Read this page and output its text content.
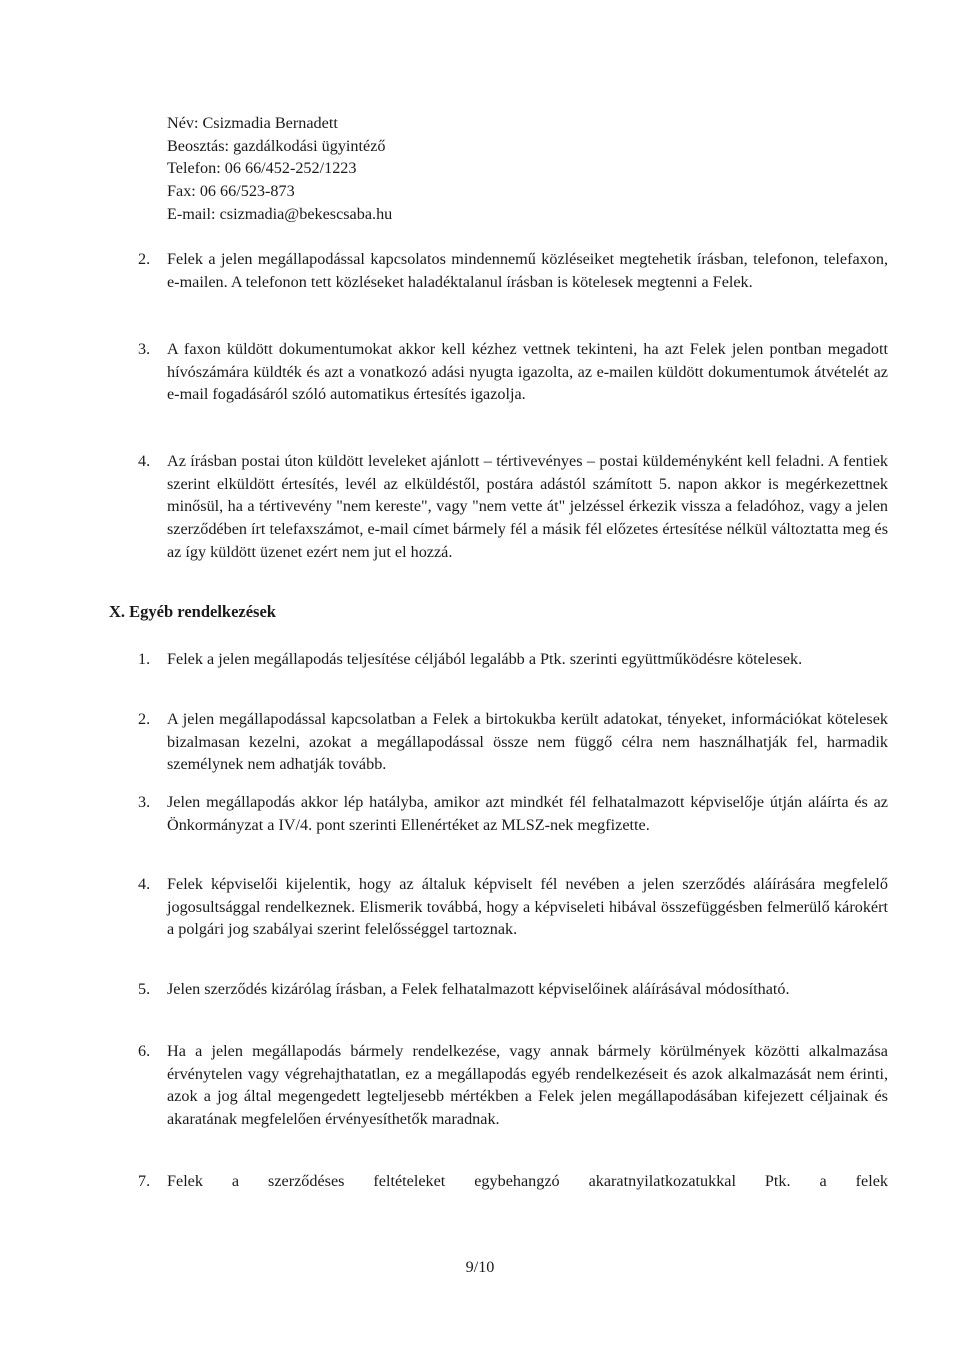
Név: Csizmadia Bernadett
Beosztás: gazdálkodási ügyintéző
Telefon: 06 66/452-252/1223
Fax: 06 66/523-873
E-mail: csizmadia@bekescsaba.hu
2.	Felek a jelen megállapodással kapcsolatos mindennemű közléseiket megtehetik írásban, telefonon, telefaxon, e-mailen. A telefonon tett közléseket haladéktalanul írásban is kötelesek megtenni a Felek.
3.	A faxon küldött dokumentumokat akkor kell kézhez vettnek tekinteni, ha azt Felek jelen pontban megadott hívószámára küldték és azt a vonatkozó adási nyugta igazolta, az e-mailen küldött dokumentumok átvételét az e-mail fogadásáról szóló automatikus értesítés igazolja.
4.	Az írásban postai úton küldött leveleket ajánlott – tértivevényes – postai küldeményként kell feladni. A fentiek szerint elküldött értesítés, levél az elküldéstől, postára adástól számított 5. napon akkor is megérkezettnek minősül, ha a tértivevény "nem kereste", vagy "nem vette át" jelzéssel érkezik vissza a feladóhoz, vagy a jelen szerződében írt telefaxszámot, e-mail címet bármely fél a másik fél előzetes értesítése nélkül változtatta meg és az így küldött üzenet ezért nem jut el hozzá.
X. Egyéb rendelkezések
1.	Felek a jelen megállapodás teljesítése céljából legalább a Ptk. szerinti együttműködésre kötelesek.
2.	A jelen megállapodással kapcsolatban a Felek a birtokukba került adatokat, tényeket, információkat kötelesek bizalmasan kezelni, azokat a megállapodással össze nem függő célra nem használhatják fel, harmadik személynek nem adhatják tovább.
3.	Jelen megállapodás akkor lép hatályba, amikor azt mindkét fél felhatalmazott képviselője útján aláírta és az Önkormányzat a IV/4. pont szerinti Ellenértéket az MLSZ-nek megfizette.
4.	Felek képviselői kijelentik, hogy az általuk képviselt fél nevében a jelen szerződés aláírására megfelelő jogosultsággal rendelkeznek. Elismerik továbbá, hogy a képviseleti hibával összefüggésben felmerülő károkért a polgári jog szabályai szerint felelősséggel tartoznak.
5.	Jelen szerződés kizárólag írásban, a Felek felhatalmazott képviselőinek aláírásával módosítható.
6.	Ha a jelen megállapodás bármely rendelkezése, vagy annak bármely körülmények közötti alkalmazása érvénytelen vagy végrehajthatatlan, ez a megállapodás egyéb rendelkezéseit és azok alkalmazását nem érinti, azok a jog által megengedett legteljesebb mértékben a Felek jelen megállapodásában kifejezett céljainak és akaratának megfelelően érvényesíthetők maradnak.
7.	Felek a szerződéses feltételeket egybehangzó akaratnyilatkozatukkal Ptk. a felek
9/10
